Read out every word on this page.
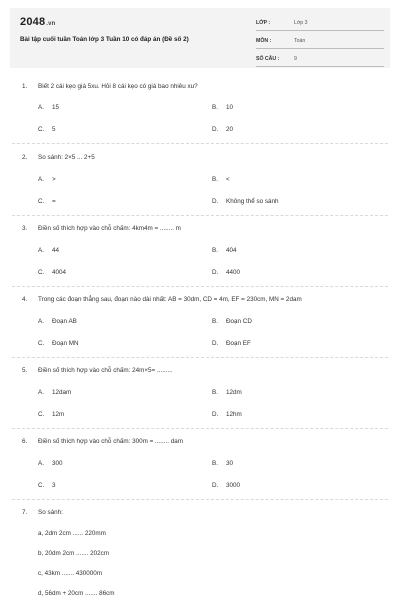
2048.vn
Bài tập cuối tuần Toán lớp 3 Tuần 10 có đáp án (Đề số 2)
LỚP :	Lớp 3
MÔN :	Toán
SỐ CÂU :	9
1. Biết 2 cái kẹo giá 5xu. Hỏi 8 cái kẹo có giá bao nhiêu xu?
A. 15	B. 10
C. 5	D. 20
2. So sánh: 2×5 ... 2+5
A. >	B. <
C. =	D. Không thể so sánh
3. Điền số thích hợp vào chỗ chấm: 4km4m = ........ m
A. 44	B. 404
C. 4004	D. 4400
4. Trong các đoạn thẳng sau, đoạn nào dài nhất: AB = 30dm, CD = 4m, EF = 230cm, MN = 2dam
A. Đoạn AB	B. Đoạn CD
C. Đoạn MN	D. Đoạn EF
5. Điền số thích hợp vào chỗ chấm: 24m×5= .........
A. 12dam	B. 12dm
C. 12m	D. 12hm
6. Điền số thích hợp vào chỗ chấm: 300m = ........ dam
A. 300	B. 30
C. 3	D. 3000
7. So sánh:
a, 2dm 2cm ...... 220mm
b, 20dm 2cm ....... 202cm
c, 43km ....... 430000m
d, 56dm + 20cm ....... 86cm
